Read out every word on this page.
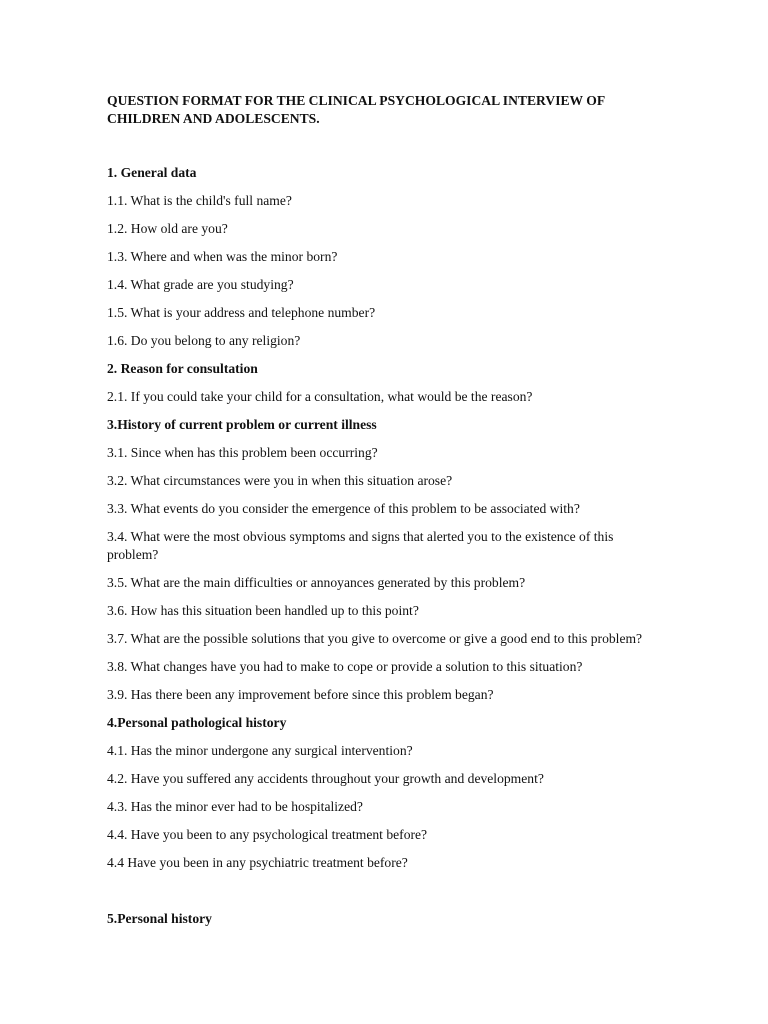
QUESTION FORMAT FOR THE CLINICAL PSYCHOLOGICAL INTERVIEW OF CHILDREN AND ADOLESCENTS.
1. General data
1.1. What is the child's full name?
1.2. How old are you?
1.3. Where and when was the minor born?
1.4. What grade are you studying?
1.5. What is your address and telephone number?
1.6. Do you belong to any religion?
2. Reason for consultation
2.1. If you could take your child for a consultation, what would be the reason?
3.History of current problem or current illness
3.1. Since when has this problem been occurring?
3.2. What circumstances were you in when this situation arose?
3.3. What events do you consider the emergence of this problem to be associated with?
3.4. What were the most obvious symptoms and signs that alerted you to the existence of this problem?
3.5. What are the main difficulties or annoyances generated by this problem?
3.6. How has this situation been handled up to this point?
3.7. What are the possible solutions that you give to overcome or give a good end to this problem?
3.8. What changes have you had to make to cope or provide a solution to this situation?
3.9. Has there been any improvement before since this problem began?
4.Personal pathological history
4.1. Has the minor undergone any surgical intervention?
4.2. Have you suffered any accidents throughout your growth and development?
4.3. Has the minor ever had to be hospitalized?
4.4. Have you been to any psychological treatment before?
4.4 Have you been in any psychiatric treatment before?
5.Personal history
